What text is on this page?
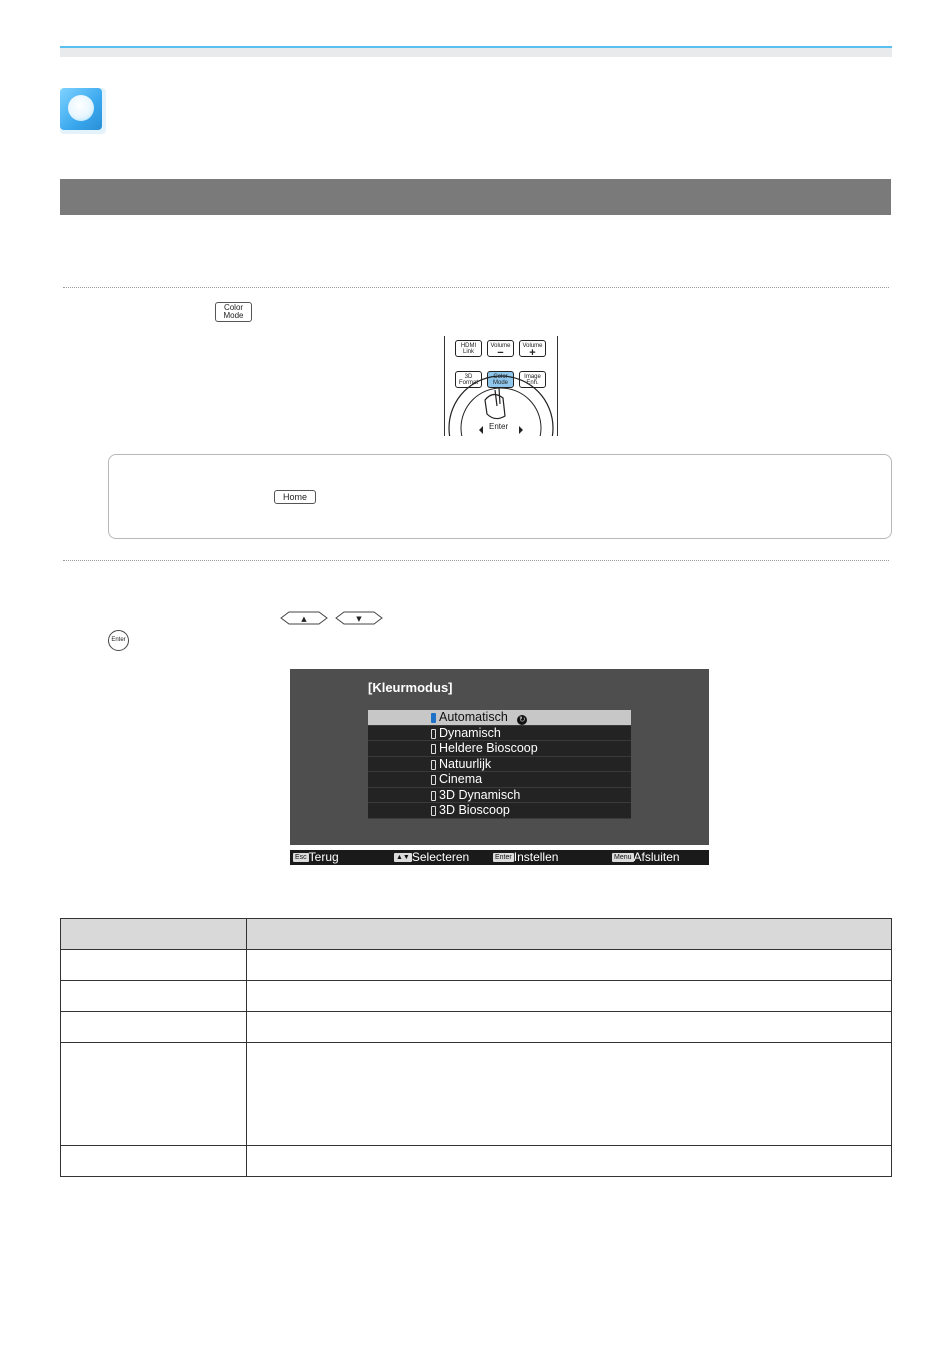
Color
Mode
HDMI
Link
Volume
−
Volume
+
3D
Format
Color
Mode
Image
Enh.
Enter
Home
▲	▼
Enter
[Kleurmodus]
Automatisch ↻
Dynamisch
Heldere Bioscoop
Natuurlijk
Cinema
3D Dynamisch
3D Bioscoop
Esc Terug	▲▼ Selecteren	Enter Instellen	Menu Afsluiten
